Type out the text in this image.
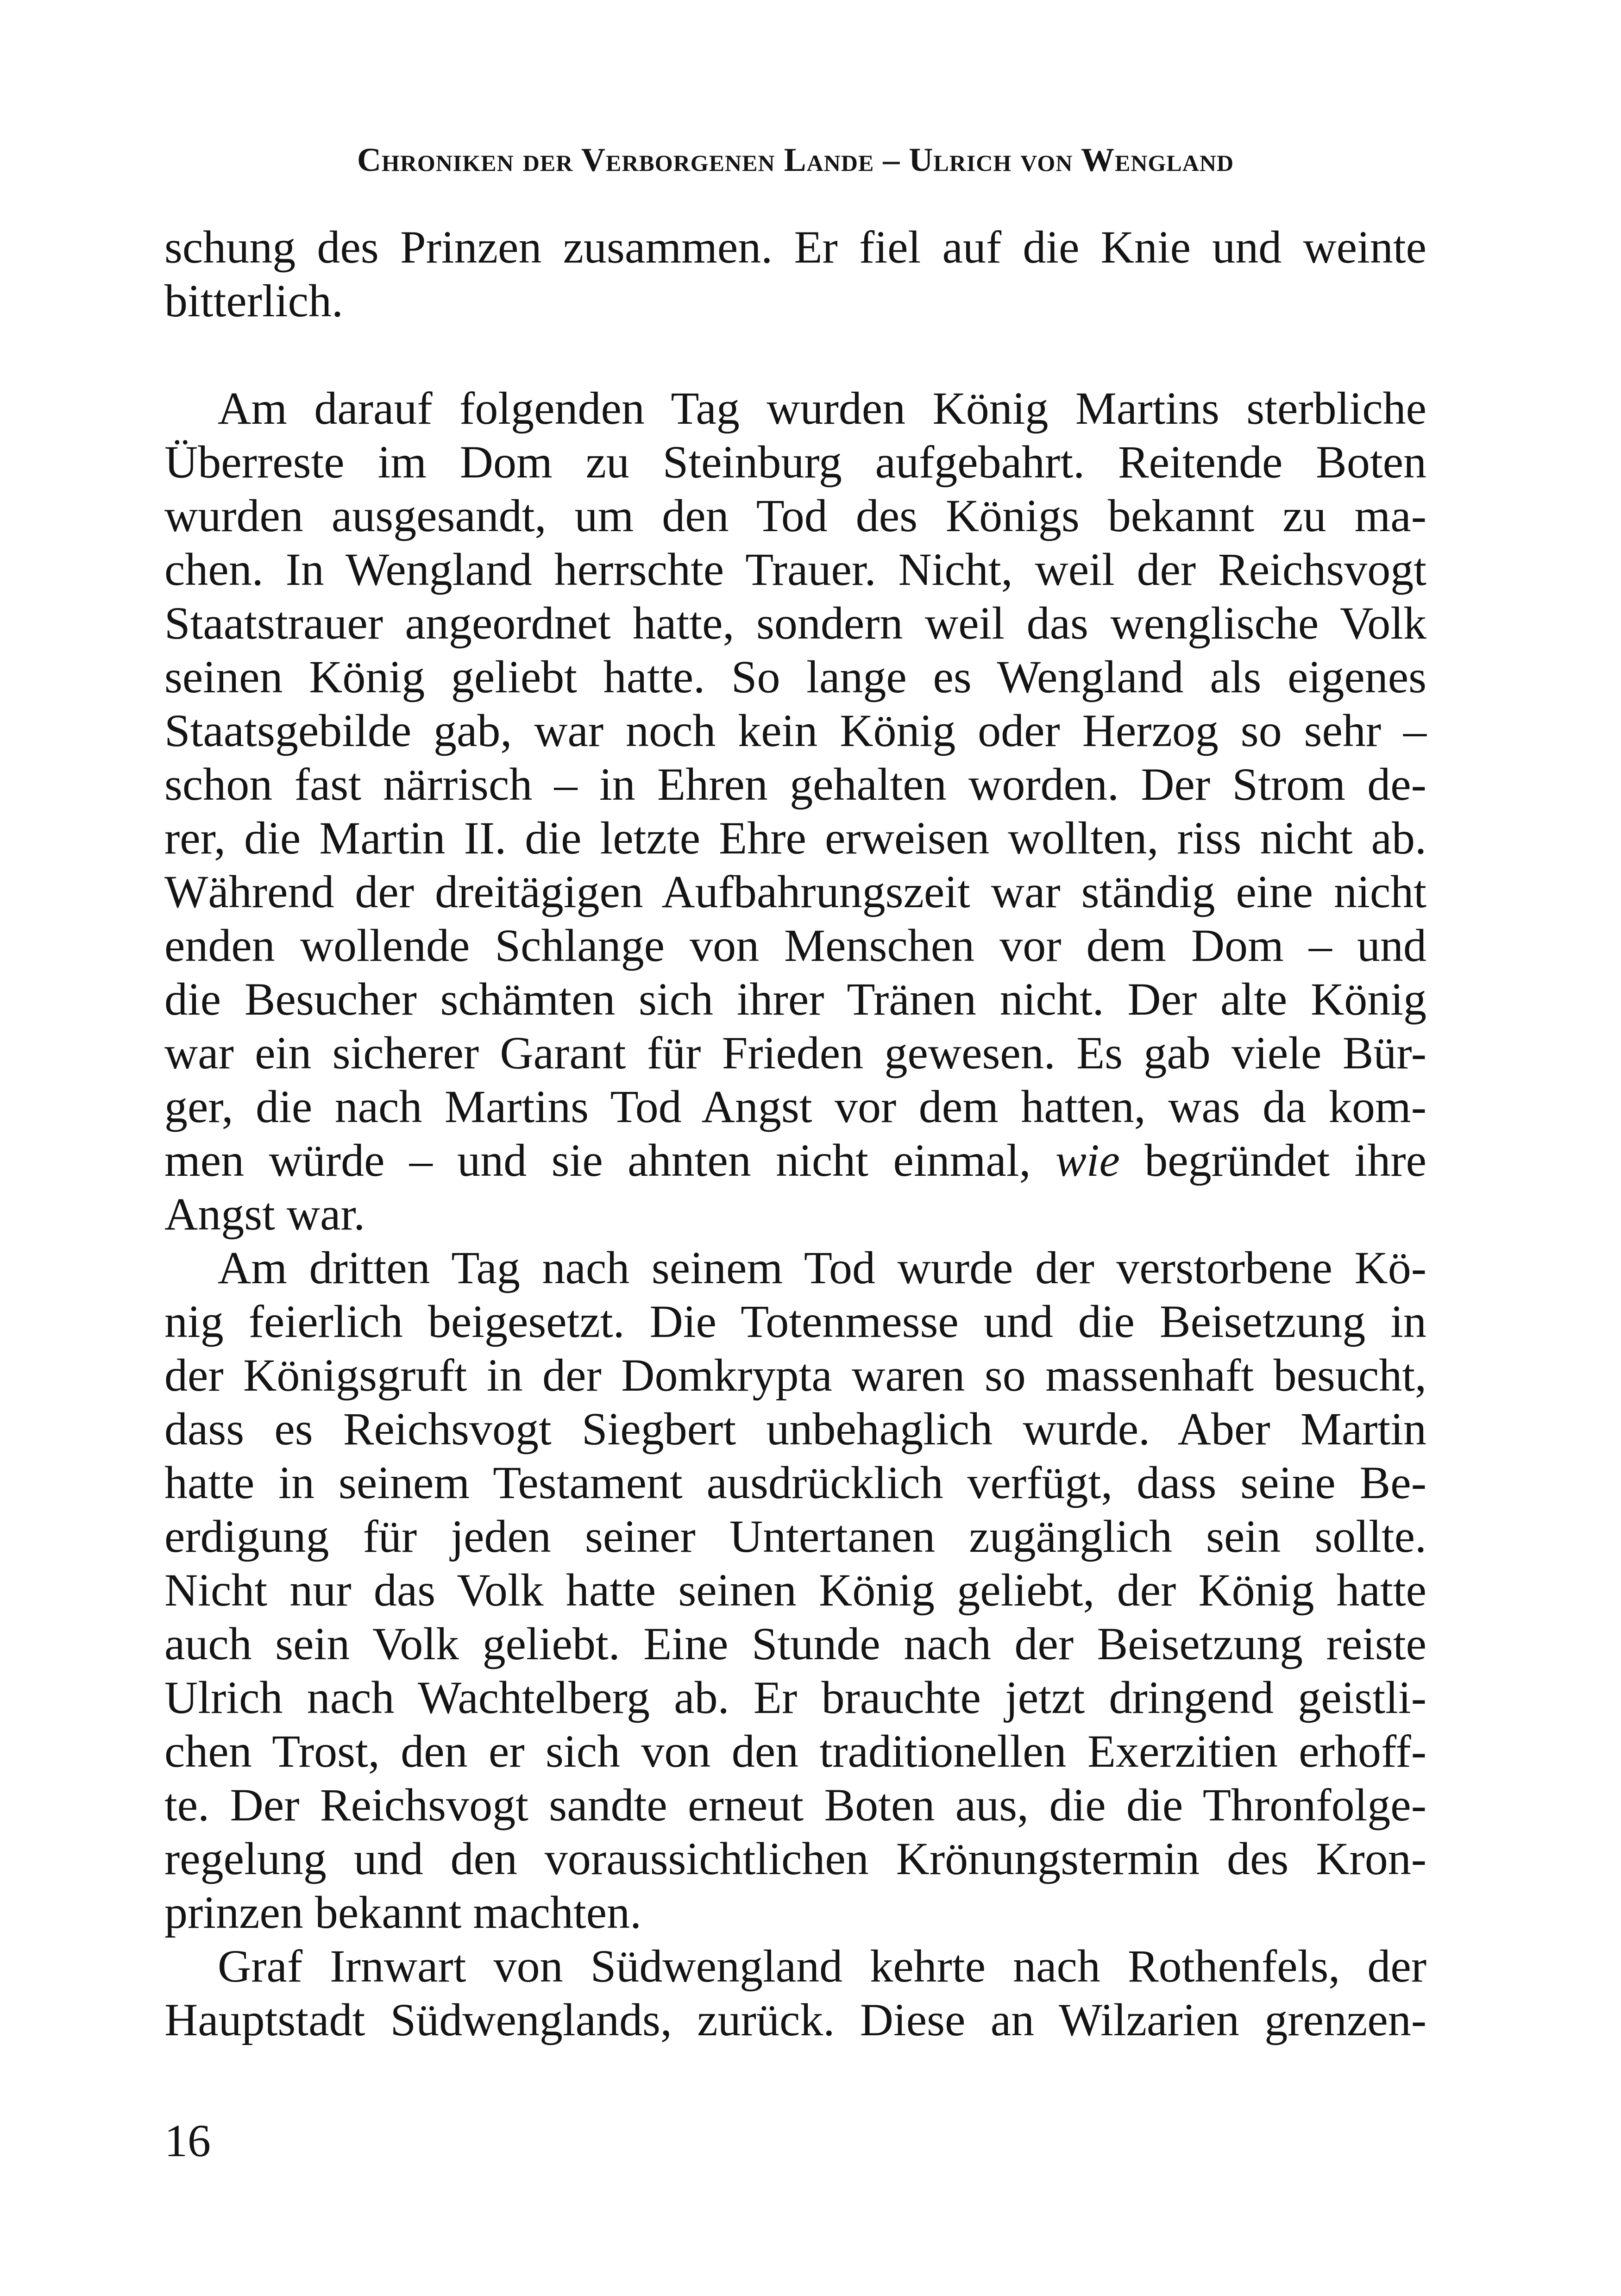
Chroniken der Verborgenen Lande – Ulrich von Wengland
schung des Prinzen zusammen. Er fiel auf die Knie und weinte
bitterlich.
Am darauf folgenden Tag wurden König Martins sterbliche
Überreste im Dom zu Steinburg aufgebahrt. Reitende Boten
wurden ausgesandt, um den Tod des Königs bekannt zu ma-
chen. In Wengland herrschte Trauer. Nicht, weil der Reichsvogt
Staatstrauer angeordnet hatte, sondern weil das wenglische Volk
seinen König geliebt hatte. So lange es Wengland als eigenes
Staatsgebilde gab, war noch kein König oder Herzog so sehr –
schon fast närrisch – in Ehren gehalten worden. Der Strom de-
rer, die Martin II. die letzte Ehre erweisen wollten, riss nicht ab.
Während der dreitägigen Aufbahrungszeit war ständig eine nicht
enden wollende Schlange von Menschen vor dem Dom – und
die Besucher schämten sich ihrer Tränen nicht. Der alte König
war ein sicherer Garant für Frieden gewesen. Es gab viele Bür-
ger, die nach Martins Tod Angst vor dem hatten, was da kom-
men würde – und sie ahnten nicht einmal, wie begründet ihre
Angst war.
Am dritten Tag nach seinem Tod wurde der verstorbene Kö-
nig feierlich beigesetzt. Die Totenmesse und die Beisetzung in
der Königsgruft in der Domkrypta waren so massenhaft besucht,
dass es Reichsvogt Siegbert unbehaglich wurde. Aber Martin
hatte in seinem Testament ausdrücklich verfügt, dass seine Be-
erdigung für jeden seiner Untertanen zugänglich sein sollte.
Nicht nur das Volk hatte seinen König geliebt, der König hatte
auch sein Volk geliebt. Eine Stunde nach der Beisetzung reiste
Ulrich nach Wachtelberg ab. Er brauchte jetzt dringend geistli-
chen Trost, den er sich von den traditionellen Exerzitien erhoff-
te. Der Reichsvogt sandte erneut Boten aus, die die Thronfolge-
regelung und den voraussichtlichen Krönungstermin des Kron-
prinzen bekannt machten.
Graf Irnwart von Südwengland kehrte nach Rothenfels, der
Hauptstadt Südwenglands, zurück. Diese an Wilzarien grenzen-
16
